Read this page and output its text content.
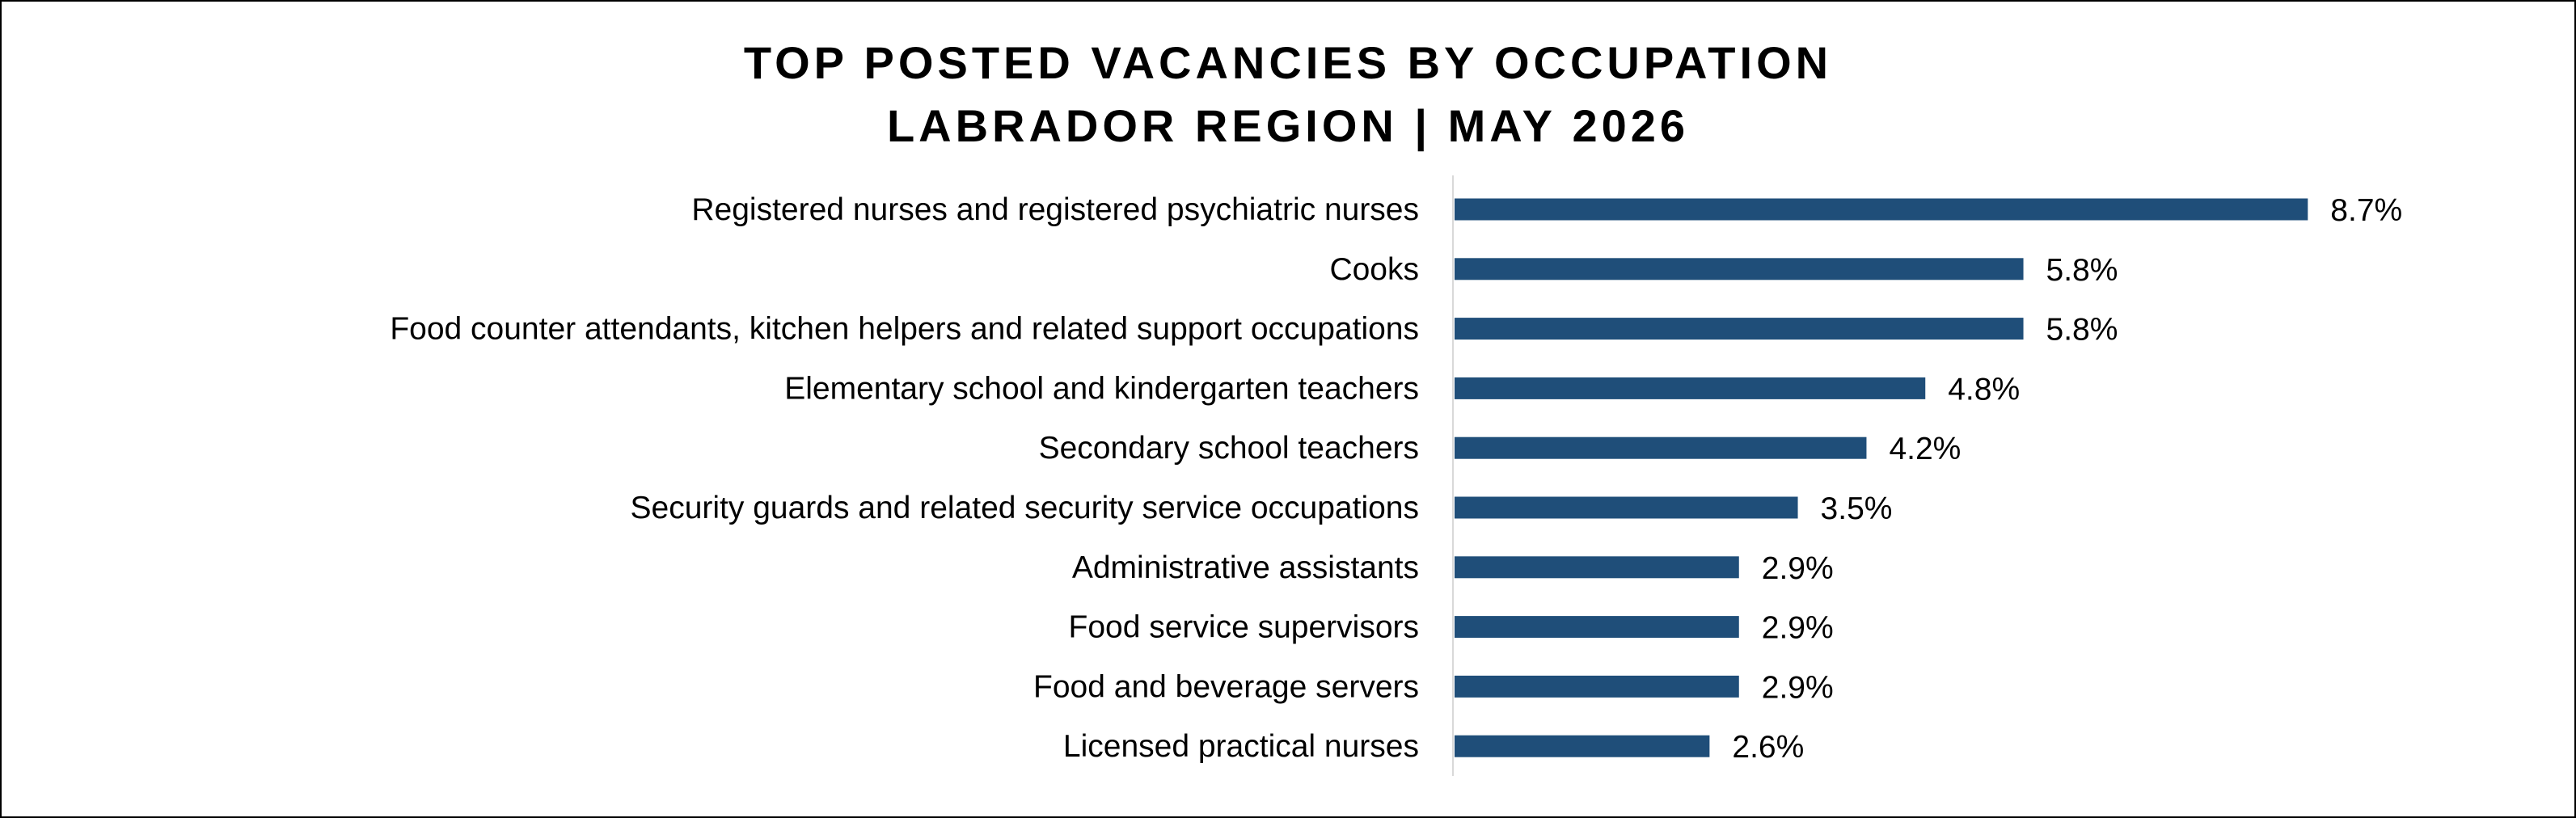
TOP POSTED VACANCIES BY OCCUPATION
LABRADOR REGION | MAY 2026
Registered nurses and registered psychiatric nurses
Cooks
Food counter attendants, kitchen helpers and related support occupations
Elementary school and kindergarten teachers
Secondary school teachers
Security guards and related security service occupations
Administrative assistants
Food service supervisors
Food and beverage servers
Licensed practical nurses
8.7%
5.8%
5.8%
4.8%
4.2%
3.5%
2.9%
2.9%
2.9%
2.6%
